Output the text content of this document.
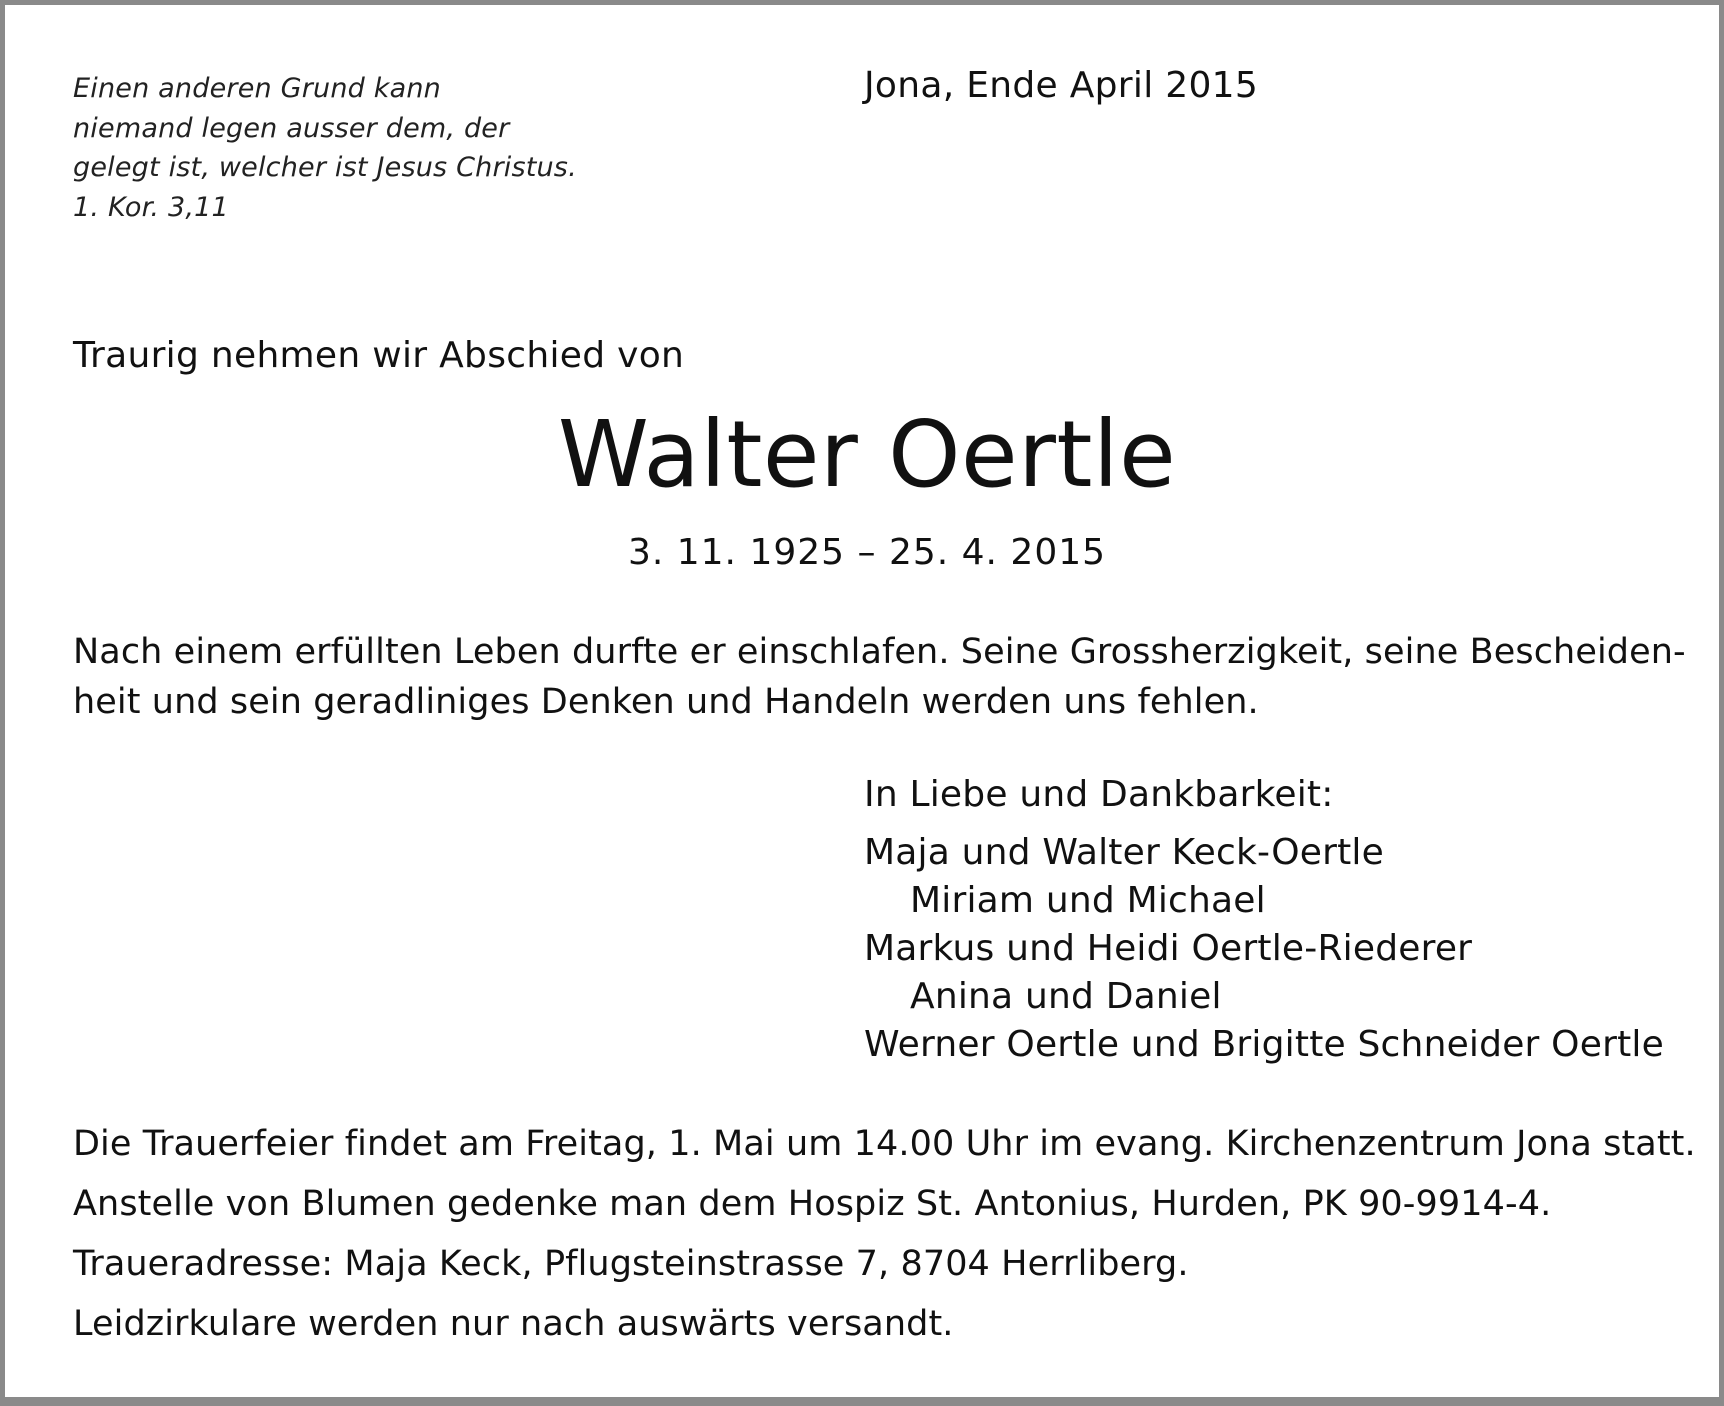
Einen anderen Grund kann
niemand legen ausser dem, der
gelegt ist, welcher ist Jesus Christus.
1. Kor. 3,11
Jona, Ende April 2015
Traurig nehmen wir Abschied von
Walter Oertle
3. 11. 1925 – 25. 4. 2015
Nach einem erfüllten Leben durfte er einschlafen. Seine Grossherzigkeit, seine Bescheiden-
heit und sein geradliniges Denken und Handeln werden uns fehlen.
In Liebe und Dankbarkeit:
Maja und Walter Keck-Oertle
Miriam und Michael
Markus und Heidi Oertle-Riederer
Anina und Daniel
Werner Oertle und Brigitte Schneider Oertle
Die Trauerfeier findet am Freitag, 1. Mai um 14.00 Uhr im evang. Kirchenzentrum Jona statt.
Anstelle von Blumen gedenke man dem Hospiz St. Antonius, Hurden, PK 90-9914-4.
Traueradresse: Maja Keck, Pflugsteinstrasse 7, 8704 Herrliberg.
Leidzirkulare werden nur nach auswärts versandt.
